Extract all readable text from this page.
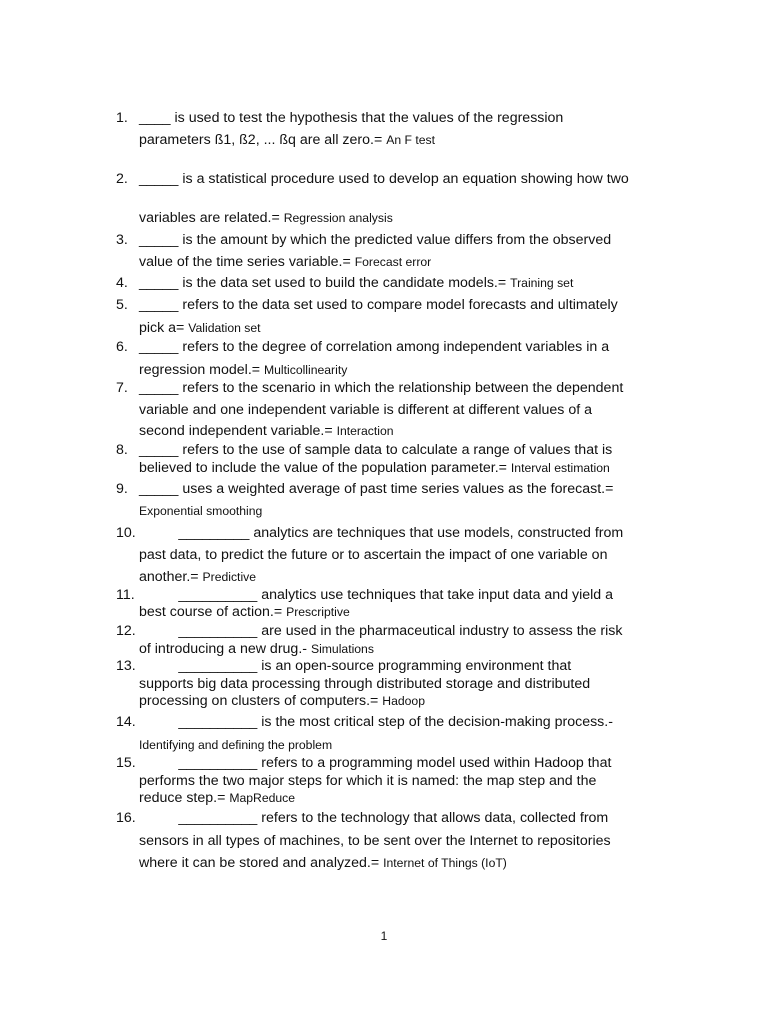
1. ____ is used to test the hypothesis that the values of the regression
parameters ß1, ß2, ... ßq are all zero.= An F test
2. _____ is a statistical procedure used to develop an equation showing how two
variables are related.= Regression analysis
3. _____ is the amount by which the predicted value differs from the observed
value of the time series variable.= Forecast error
4. _____ is the data set used to build the candidate models.= Training set
5. _____ refers to the data set used to compare model forecasts and ultimately
pick a= Validation set
6. _____ refers to the degree of correlation among independent variables in a
regression model.= Multicollinearity
7. _____ refers to the scenario in which the relationship between the dependent
variable and one independent variable is different at different values of a
second independent variable.= Interaction
8. _____ refers to the use of sample data to calculate a range of values that is
believed to include the value of the population parameter.= Interval estimation
9. _____ uses a weighted average of past time series values as the forecast.=
Exponential smoothing
10. _________ analytics are techniques that use models, constructed from
past data, to predict the future or to ascertain the impact of one variable on
another.= Predictive
11. __________ analytics use techniques that take input data and yield a
best course of action.= Prescriptive
12. __________ are used in the pharmaceutical industry to assess the risk
of introducing a new drug.- Simulations
13. __________ is an open-source programming environment that
supports big data processing through distributed storage and distributed
processing on clusters of computers.= Hadoop
14. __________ is the most critical step of the decision-making process.-
Identifying and defining the problem
15. __________ refers to a programming model used within Hadoop that
performs the two major steps for which it is named: the map step and the
reduce step.= MapReduce
16. __________ refers to the technology that allows data, collected from
sensors in all types of machines, to be sent over the Internet to repositories
where it can be stored and analyzed.= Internet of Things (IoT)
1
